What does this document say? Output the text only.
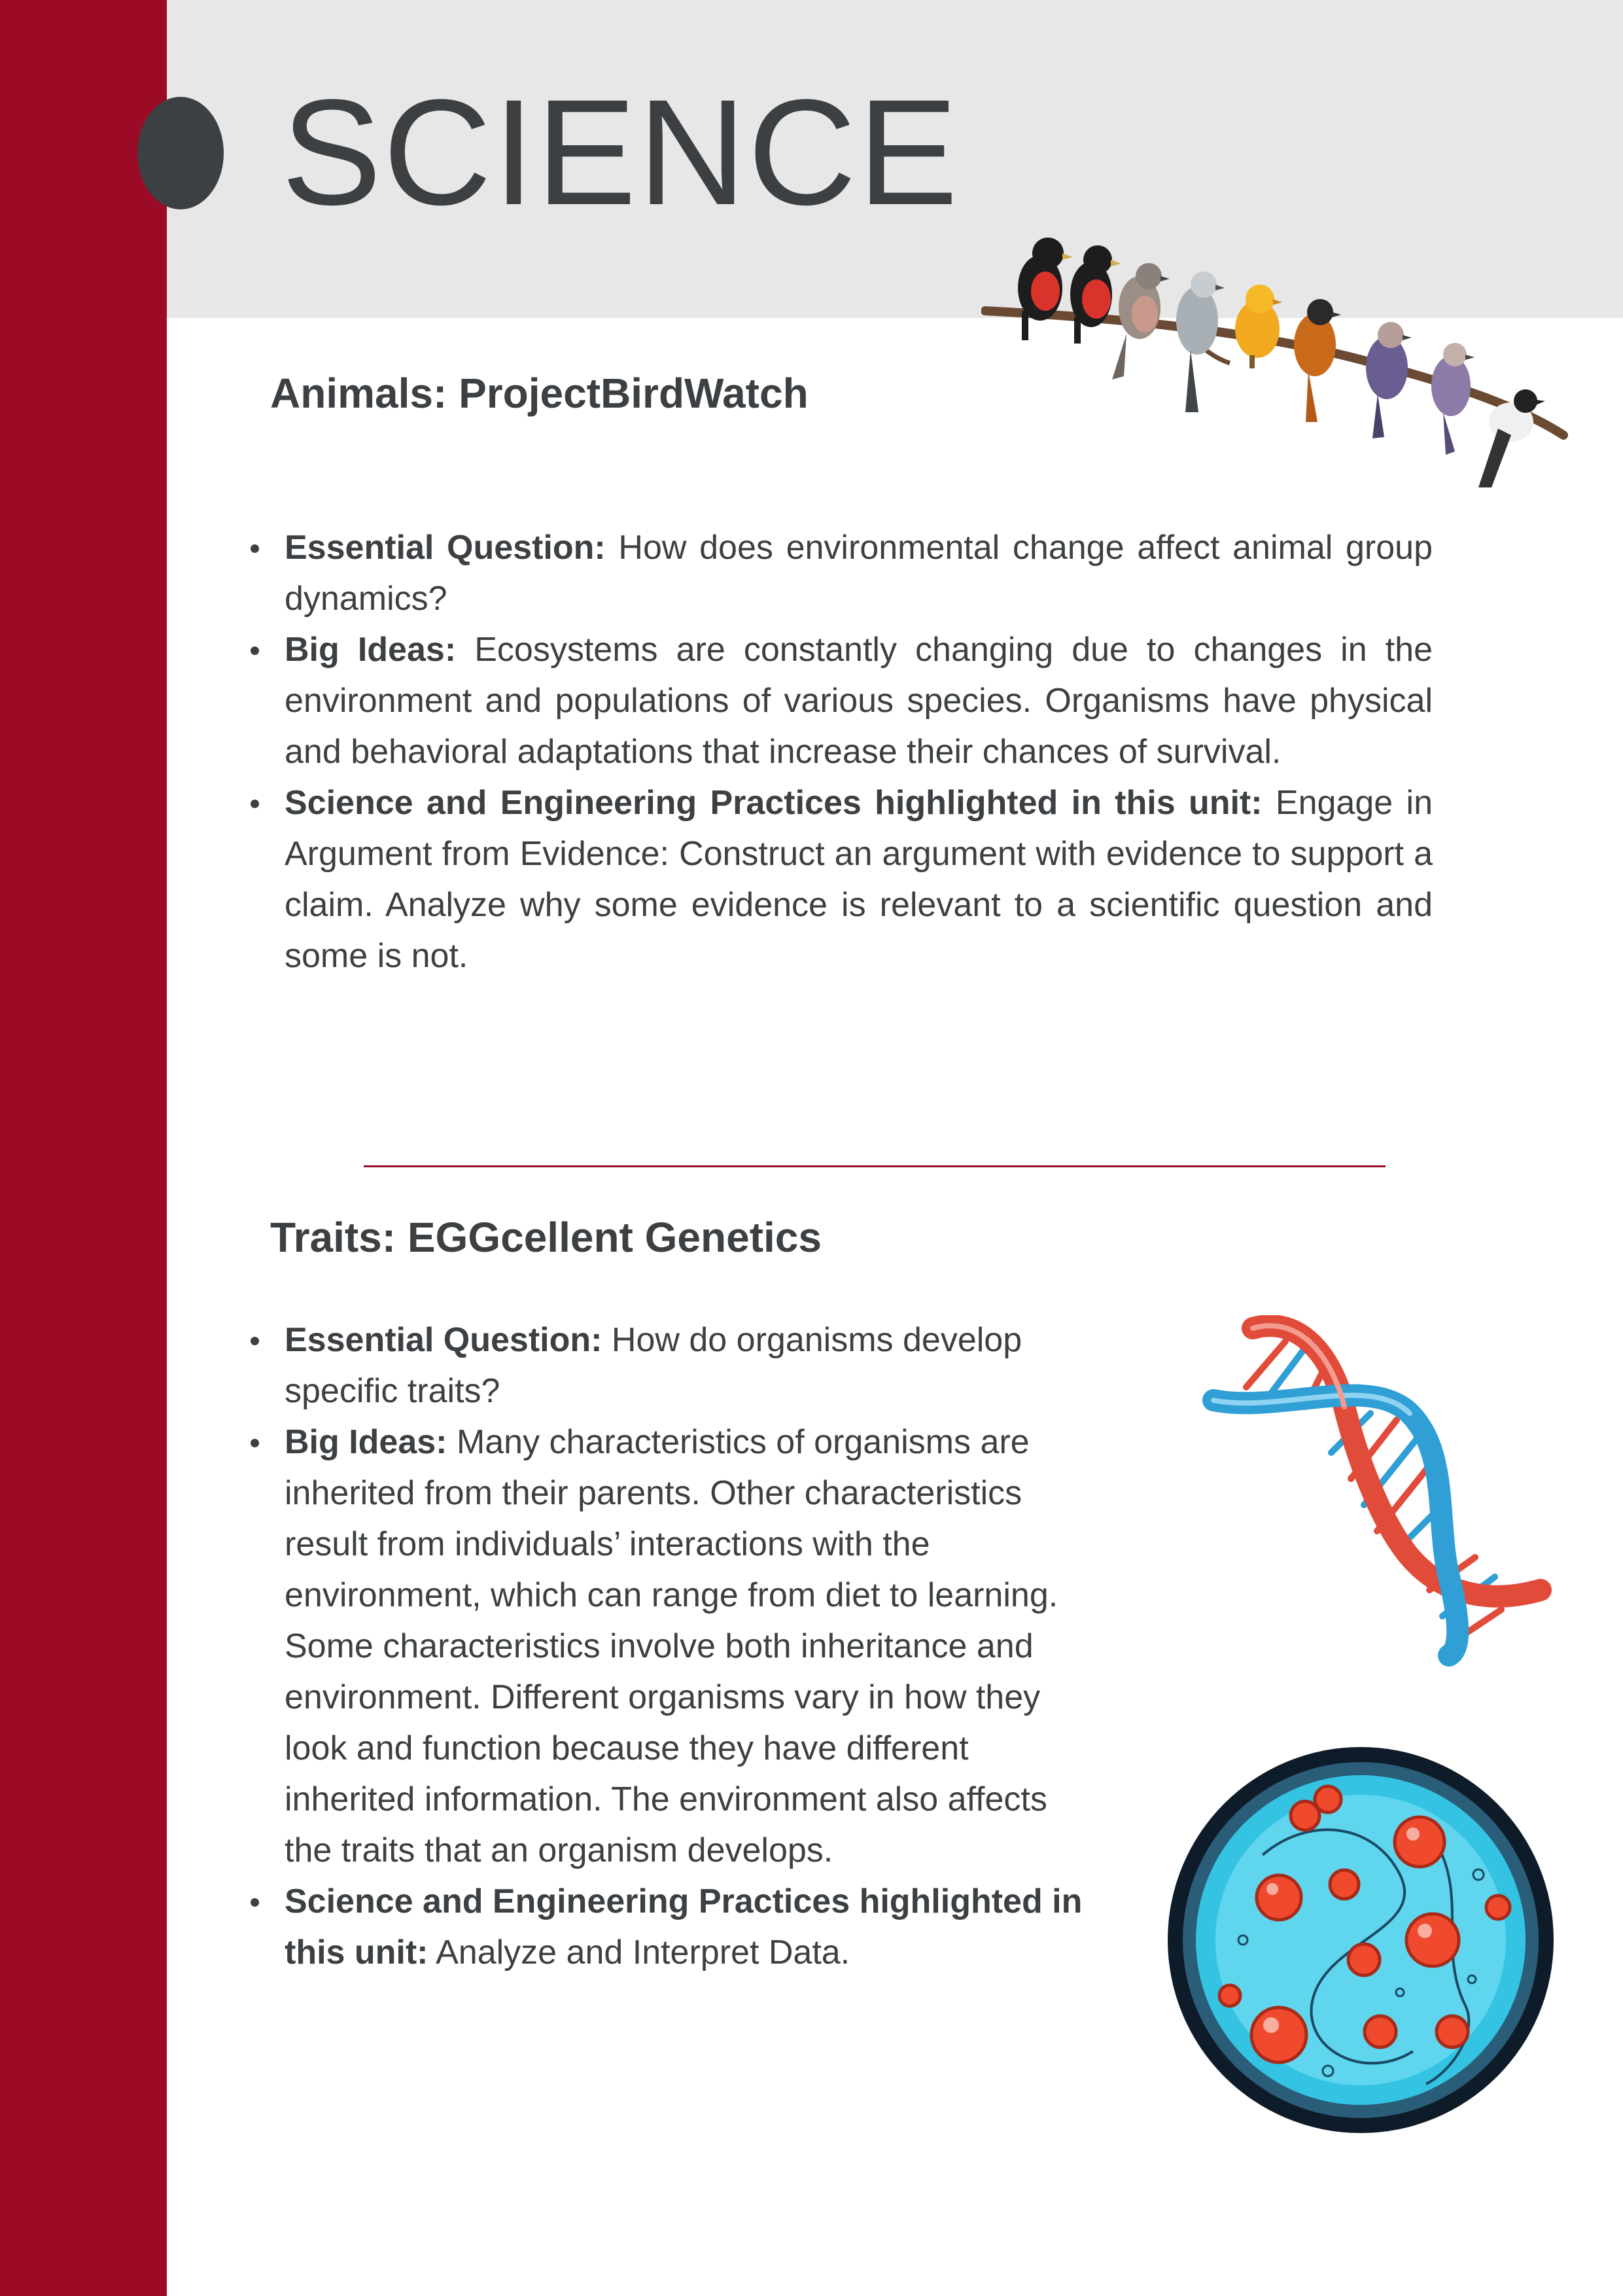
SCIENCE
Animals: ProjectBirdWatch
Essential Question: How does environmental change affect animal group dynamics?
Big Ideas: Ecosystems are constantly changing due to changes in the environment and populations of various species. Organisms have physical and behavioral adaptations that increase their chances of survival.
Science and Engineering Practices highlighted in this unit: Engage in Argument from Evidence: Construct an argument with evidence to support a claim. Analyze why some evidence is relevant to a scientific question and some is not.
Traits: EGGcellent Genetics
Essential Question: How do organisms develop specific traits?
Big Ideas: Many characteristics of organisms are inherited from their parents. Other characteristics result from individuals’ interactions with the environment, which can range from diet to learning. Some characteristics involve both inheritance and environment. Different organisms vary in how they look and function because they have different inherited information. The environment also affects the traits that an organism develops.
Science and Engineering Practices highlighted in this unit: Analyze and Interpret Data.
